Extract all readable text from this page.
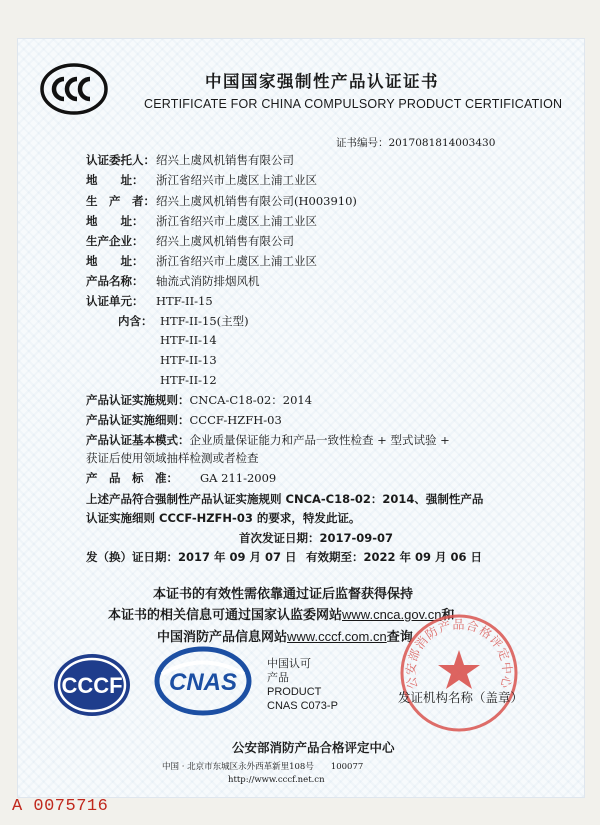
中国国家强制性产品认证证书
CERTIFICATE FOR CHINA COMPULSORY PRODUCT CERTIFICATION
证书编号：2017081814003430
认证委托人：绍兴上虞风机销售有限公司
地　　址： 浙江省绍兴市上虞区上浦工业区
生　产　者：绍兴上虞风机销售有限公司(H003910)
地　　址： 浙江省绍兴市上虞区上浦工业区
生产企业： 绍兴上虞风机销售有限公司
地　　址： 浙江省绍兴市上虞区上浦工业区
产品名称： 轴流式消防排烟风机
认证单元： HTF-II-15
内含： HTF-II-15(主型)
HTF-II-14
HTF-II-13
HTF-II-12
产品认证实施规则：CNCA-C18-02：2014
产品认证实施细则：CCCF-HZFH-03
产品认证基本模式：企业质量保证能力和产品一致性检查 + 型式试验 +
获证后使用领域抽样检测或者检查
产　品　标　准： GA 211-2009
上述产品符合强制性产品认证实施规则 CNCA-C18-02：2014、强制性产品
认证实施细则 CCCF-HZFH-03 的要求，特发此证。
首次发证日期：2017-09-07
发（换）证日期：2017 年 09 月 07 日 有效期至：2022 年 09 月 06 日
本证书的有效性需依靠通过证后监督获得保持
本证书的相关信息可通过国家认监委网站www.cnca.gov.cn和
中国消防产品信息网站www.cccf.com.cn查询
CCCF CNAS
中国认可
产品
PRODUCT
CNAS C073-P
公安部消防产品合格评定中心
发证机构名称（盖章）
公安部消防产品合格评定中心
中国 · 北京市东城区永外西革新里108号　　100077
http://www.cccf.net.cn
A 0075716
